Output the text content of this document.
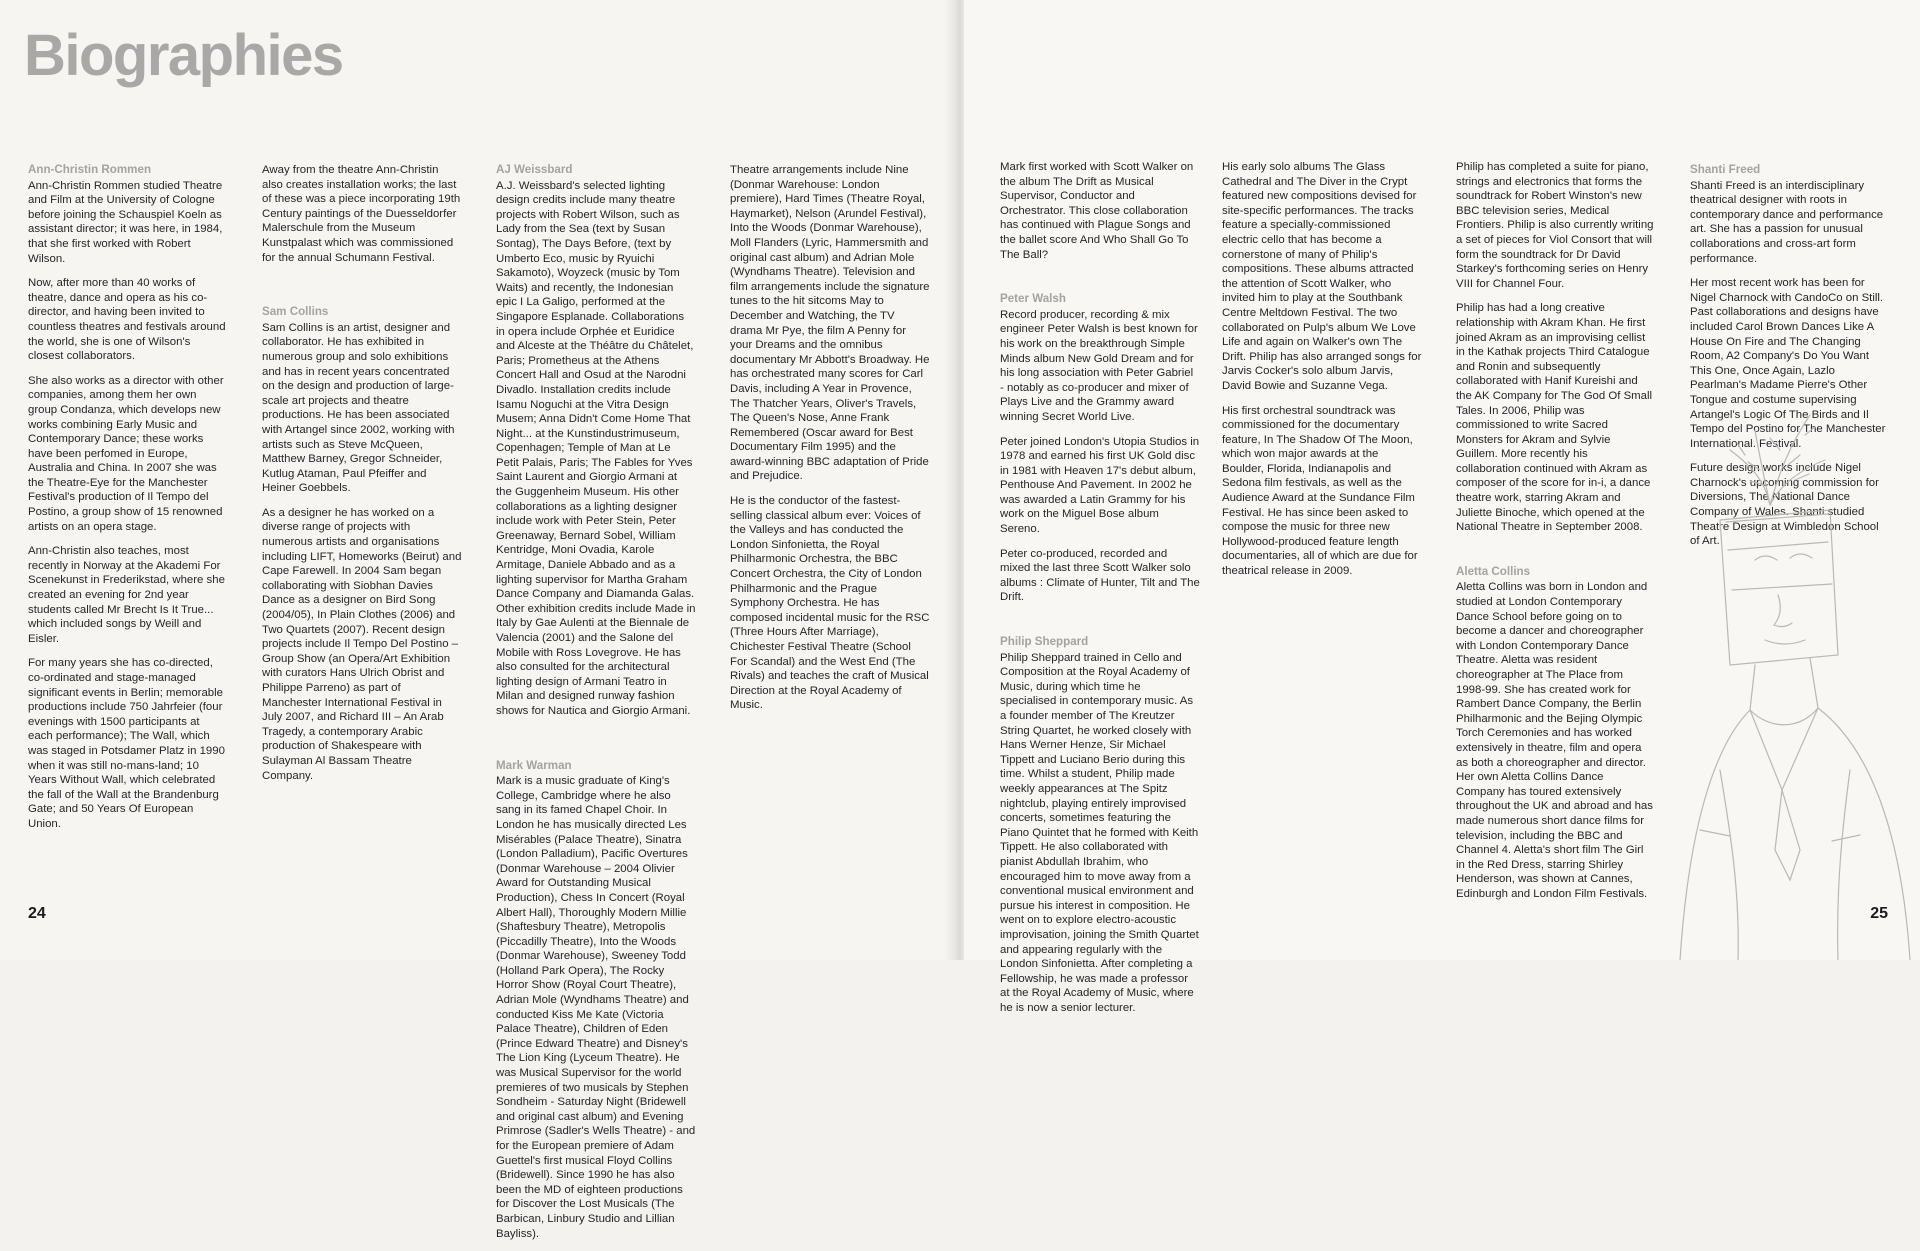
Biographies
Ann-Christin Rommen

Ann-Christin Rommen studied Theatre and Film at the University of Cologne before joining the Schauspiel Koeln as assistant director; it was here, in 1984, that she first worked with Robert Wilson.

Now, after more than 40 works of theatre, dance and opera as his co-director, and having been invited to countless theatres and festivals around the world, she is one of Wilson's closest collaborators.

She also works as a director with other companies, among them her own group Condanza, which develops new works combining Early Music and Contemporary Dance; these works have been perfomed in Europe, Australia and China. In 2007 she was the Theatre-Eye for the Manchester Festival's production of Il Tempo del Postino, a group show of 15 renowned artists on an opera stage.

Ann-Christin also teaches, most recently in Norway at the Akademi For Scenekunst in Frederikstad, where she created an evening for 2nd year students called Mr Brecht Is It True... which included songs by Weill and Eisler.

For many years she has co-directed, co-ordinated and stage-managed significant events in Berlin; memorable productions include 750 Jahrfeier (four evenings with 1500 participants at each performance); The Wall, which was staged in Potsdamer Platz in 1990 when it was still no-mans-land; 10 Years Without Wall, which celebrated the fall of the Wall at the Brandenburg Gate; and 50 Years Of European Union.

Away from the theatre Ann-Christin also creates installation works; the last of these was a piece incorporating 19th Century paintings of the Duesseldorfer Malerschule from the Museum Kunstpalast which was commissioned for the annual Schumann Festival.

Sam Collins

Sam Collins is an artist, designer and collaborator. He has exhibited in numerous group and solo exhibitions and has in recent years concentrated on the design and production of large-scale art projects and theatre productions. He has been associated with Artangel since 2002, working with artists such as Steve McQueen, Matthew Barney, Gregor Schneider, Kutlug Ataman, Paul Pfeiffer and Heiner Goebbels.

As a designer he has worked on a diverse range of projects with numerous artists and organisations including LIFT, Homeworks (Beirut) and Cape Farewell. In 2004 Sam began collaborating with Siobhan Davies Dance as a designer on Bird Song (2004/05), In Plain Clothes (2006) and Two Quartets (2007). Recent design projects include Il Tempo Del Postino – Group Show (an Opera/Art Exhibition with curators Hans Ulrich Obrist and Philippe Parreno) as part of Manchester International Festival in July 2007, and Richard III – An Arab Tragedy, a contemporary Arabic production of Shakespeare with Sulayman Al Bassam Theatre Company.

AJ Weissbard

A.J. Weissbard's selected lighting design credits include many theatre projects with Robert Wilson, such as Lady from the Sea (text by Susan Sontag), The Days Before, (text by Umberto Eco, music by Ryuichi Sakamoto), Woyzeck (music by Tom Waits) and recently, the Indonesian epic I La Galigo, performed at the Singapore Esplanade. Collaborations in opera include Orphée et Euridice and Alceste at the Théâtre du Châtelet, Paris; Prometheus at the Athens Concert Hall and Osud at the Narodni Divadlo. Installation credits include Isamu Noguchi at the Vitra Design Musem; Anna Didn't Come Home That Night... at the Kunstindustrimuseum, Copenhagen; Temple of Man at Le Petit Palais, Paris; The Fables for Yves Saint Laurent and Giorgio Armani at the Guggenheim Museum. His other collaborations as a lighting designer include work with Peter Stein, Peter Greenaway, Bernard Sobel, William Kentridge, Moni Ovadia, Karole Armitage, Daniele Abbado and as a lighting supervisor for Martha Graham Dance Company and Diamanda Galas. Other exhibition credits include Made in Italy by Gae Aulenti at the Biennale de Valencia (2001) and the Salone del Mobile with Ross Lovegrove. He has also consulted for the architectural lighting design of Armani Teatro in Milan and designed runway fashion shows for Nautica and Giorgio Armani.

Mark Warman

Mark is a music graduate of King's College, Cambridge where he also sang in its famed Chapel Choir. In London he has musically directed Les Misérables (Palace Theatre), Sinatra (London Palladium), Pacific Overtures (Donmar Warehouse – 2004 Olivier Award for Outstanding Musical Production), Chess In Concert (Royal Albert Hall), Thoroughly Modern Millie (Shaftesbury Theatre), Metropolis (Piccadilly Theatre), Into the Woods (Donmar Warehouse), Sweeney Todd (Holland Park Opera), The Rocky Horror Show (Royal Court Theatre), Adrian Mole (Wyndhams Theatre) and conducted Kiss Me Kate (Victoria Palace Theatre), Children of Eden (Prince Edward Theatre) and Disney's The Lion King (Lyceum Theatre). He was Musical Supervisor for the world premieres of two musicals by Stephen Sondheim - Saturday Night (Bridewell and original cast album) and Evening Primrose (Sadler's Wells Theatre) - and for the European premiere of Adam Guettel's first musical Floyd Collins (Bridewell). Since 1990 he has also been the MD of eighteen productions for Discover the Lost Musicals (The Barbican, Linbury Studio and Lillian Bayliss).

Theatre arrangements include Nine (Donmar Warehouse: London premiere), Hard Times (Theatre Royal, Haymarket), Nelson (Arundel Festival), Into the Woods (Donmar Warehouse), Moll Flanders (Lyric, Hammersmith and original cast album) and Adrian Mole (Wyndhams Theatre). Television and film arrangements include the signature tunes to the hit sitcoms May to December and Watching, the TV drama Mr Pye, the film A Penny for your Dreams and the omnibus documentary Mr Abbott's Broadway. He has orchestrated many scores for Carl Davis, including A Year in Provence, The Thatcher Years, Oliver's Travels, The Queen's Nose, Anne Frank Remembered (Oscar award for Best Documentary Film 1995) and the award-winning BBC adaptation of Pride and Prejudice.

He is the conductor of the fastest-selling classical album ever: Voices of the Valleys and has conducted the London Sinfonietta, the Royal Philharmonic Orchestra, the BBC Concert Orchestra, the City of London Philharmonic and the Prague Symphony Orchestra. He has composed incidental music for the RSC (Three Hours After Marriage), Chichester Festival Theatre (School For Scandal) and the West End (The Rivals) and teaches the craft of Musical Direction at the Royal Academy of Music.

24	25

Mark first worked with Scott Walker on the album The Drift as Musical Supervisor, Conductor and Orchestrator. This close collaboration has continued with Plague Songs and the ballet score And Who Shall Go To The Ball?

Peter Walsh

Record producer, recording & mix engineer Peter Walsh is best known for his work on the breakthrough Simple Minds album New Gold Dream and for his long association with Peter Gabriel - notably as co-producer and mixer of Plays Live and the Grammy award winning Secret World Live.

Peter joined London's Utopia Studios in 1978 and earned his first UK Gold disc in 1981 with Heaven 17's debut album, Penthouse And Pavement. In 2002 he was awarded a Latin Grammy for his work on the Miguel Bose album Sereno.

Peter co-produced, recorded and mixed the last three Scott Walker solo albums : Climate of Hunter, Tilt and The Drift.

Philip Sheppard

Philip Sheppard trained in Cello and Composition at the Royal Academy of Music, during which time he specialised in contemporary music. As a founder member of The Kreutzer String Quartet, he worked closely with Hans Werner Henze, Sir Michael Tippett and Luciano Berio during this time. Whilst a student, Philip made weekly appearances at The Spitz nightclub, playing entirely improvised concerts, sometimes featuring the Piano Quintet that he formed with Keith Tippett. He also collaborated with pianist Abdullah Ibrahim, who encouraged him to move away from a conventional musical environment and pursue his interest in composition. He went on to explore electro-acoustic improvisation, joining the Smith Quartet and appearing regularly with the London Sinfonietta. After completing a Fellowship, he was made a professor at the Royal Academy of Music, where he is now a senior lecturer.

His early solo albums The Glass Cathedral and The Diver in the Crypt featured new compositions devised for site-specific performances. The tracks feature a specially-commissioned electric cello that has become a cornerstone of many of Philip's compositions. These albums attracted the attention of Scott Walker, who invited him to play at the Southbank Centre Meltdown Festival. The two collaborated on Pulp's album We Love Life and again on Walker's own The Drift. Philip has also arranged songs for Jarvis Cocker's solo album Jarvis, David Bowie and Suzanne Vega.

His first orchestral soundtrack was commissioned for the documentary feature, In The Shadow Of The Moon, which won major awards at the Boulder, Florida, Indianapolis and Sedona film festivals, as well as the Audience Award at the Sundance Film Festival. He has since been asked to compose the music for three new Hollywood-produced feature length documentaries, all of which are due for theatrical release in 2009.

Philip has completed a suite for piano, strings and electronics that forms the soundtrack for Robert Winston's new BBC television series, Medical Frontiers. Philip is also currently writing a set of pieces for Viol Consort that will form the soundtrack for Dr David Starkey's forthcoming series on Henry VIII for Channel Four.

Philip has had a long creative relationship with Akram Khan. He first joined Akram as an improvising cellist in the Kathak projects Third Catalogue and Ronin and subsequently collaborated with Hanif Kureishi and the AK Company for The God Of Small Tales. In 2006, Philip was commissioned to write Sacred Monsters for Akram and Sylvie Guillem. More recently his collaboration continued with Akram as composer of the score for in-i, a dance theatre work, starring Akram and Juliette Binoche, which opened at the National Theatre in September 2008.

Aletta Collins

Aletta Collins was born in London and studied at London Contemporary Dance School before going on to become a dancer and choreographer with London Contemporary Dance Theatre. Aletta was resident choreographer at The Place from 1998-99. She has created work for Rambert Dance Company, the Berlin Philharmonic and the Bejing Olympic Torch Ceremonies and has worked extensively in theatre, film and opera as both a choreographer and director. Her own Aletta Collins Dance Company has toured extensively throughout the UK and abroad and has made numerous short dance films for television, including the BBC and Channel 4. Aletta's short film The Girl in the Red Dress, starring Shirley Henderson, was shown at Cannes, Edinburgh and London Film Festivals.

Shanti Freed

Shanti Freed is an interdisciplinary theatrical designer with roots in contemporary dance and performance art. She has a passion for unusual collaborations and cross-art form performance.

Her most recent work has been for Nigel Charnock with CandoCo on Still. Past collaborations and designs have included Carol Brown Dances Like A House On Fire and The Changing Room, A2 Company's Do You Want This One, Once Again, Lazlo Pearlman's Madame Pierre's Other Tongue and costume supervising Artangel's Logic Of The Birds and Il Tempo del Postino for The Manchester International. Festival.

Future design works include Nigel Charnock's upcoming commission for Diversions, The National Dance Company of Wales. Shanti studied Theatre Design at Wimbledon School of Art.
